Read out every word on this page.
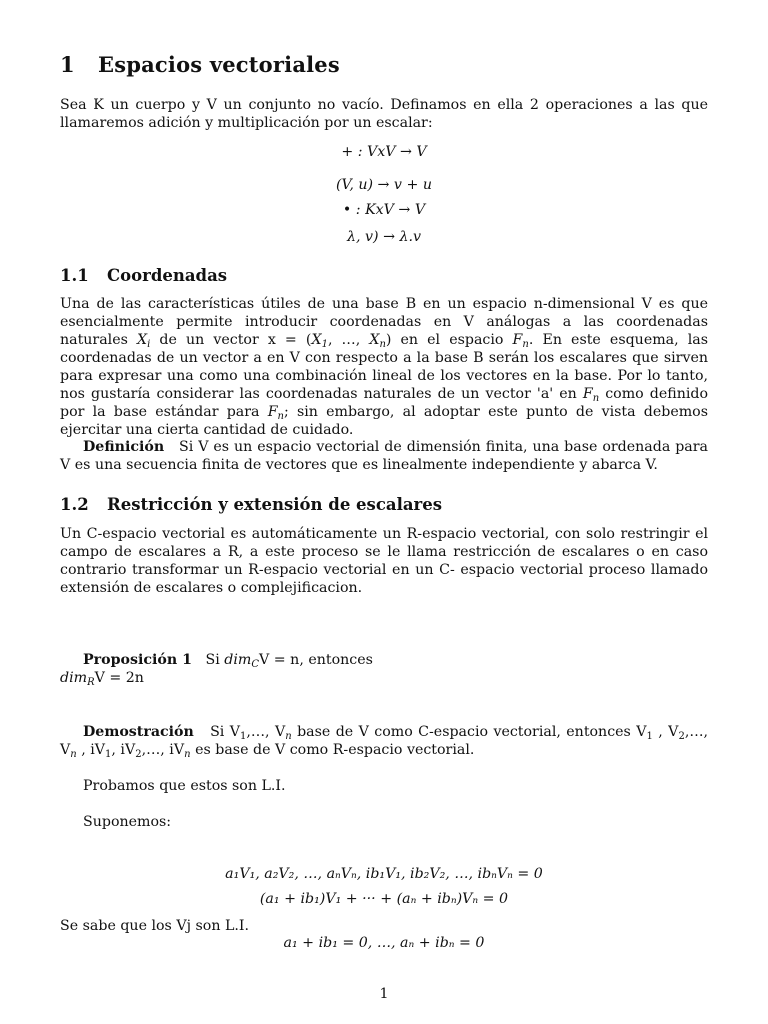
1 Espacios vectoriales

Sea K un cuerpo y V un conjunto no vacío. Definamos en ella 2 operaciones a las que llamaremos adición y multiplicación por un escalar:

+ : VxV → V
(V, u) → v + u
• : KxV → V
λ, v) → λ.v
1.1 Coordenadas

Una de las características útiles de una base B en un espacio n-dimensional V es que esencialmente permite introducir coordenadas en V análogas a las coordenadas naturales $X_i$ de un vector $x = (X_1$, …, $X_n$) en el espacio $F_n$. En este esquema, las coordenadas de un vector a en V con respecto a la base B serán los escalares que sirven para expresar una como una combinación lineal de los vectores en la base. Por lo tanto, nos gustaría considerar las coordenadas naturales de un vector 'a' en $F_n$ como definido por la base estándar para $F_n$; sin embargo, al adoptar este punto de vista debemos ejercitar una cierta cantidad de cuidado.

Definición Si V es un espacio vectorial de dimensión finita, una base ordenada para V es una secuencia finita de vectores que es linealmente independiente y abarca V.

1.2 Restricción y extensión de escalares

Un C-espacio vectorial es automáticamente un R-espacio vectorial, con solo restringir el campo de escalares a R, a este proceso se le llama restricción de escalares o en caso contrario transformar un R-espacio vectorial en un C- espacio vectorial proceso llamado extensión de escalares o complejificacion.

Proposición 1 Si dim$_C$V = n, entonces

dim$_R$V = 2n

Demostración Si $V_1,\dots$, $V_n$ base de V como C-espacio vectorial, entonces $V_1$ , $V_2,\dots$, $V_n$ , $iV_1$, $iV_2,\dots$, $iV_n$ es base de V como R-espacio vectorial.

Probamos que estos son L.I.

Suponemos:

a₁V₁, a₂V₂, …, aₙVₙ, ib₁V₁, ib₂V₂, …, ibₙVₙ = 0
(a₁ + ib₁)V₁ + ··· + (aₙ + ibₙ)Vₙ = 0

Se sabe que los Vj son L.I.

a₁ + ib₁ = 0, …, aₙ + ibₙ = 0
1
